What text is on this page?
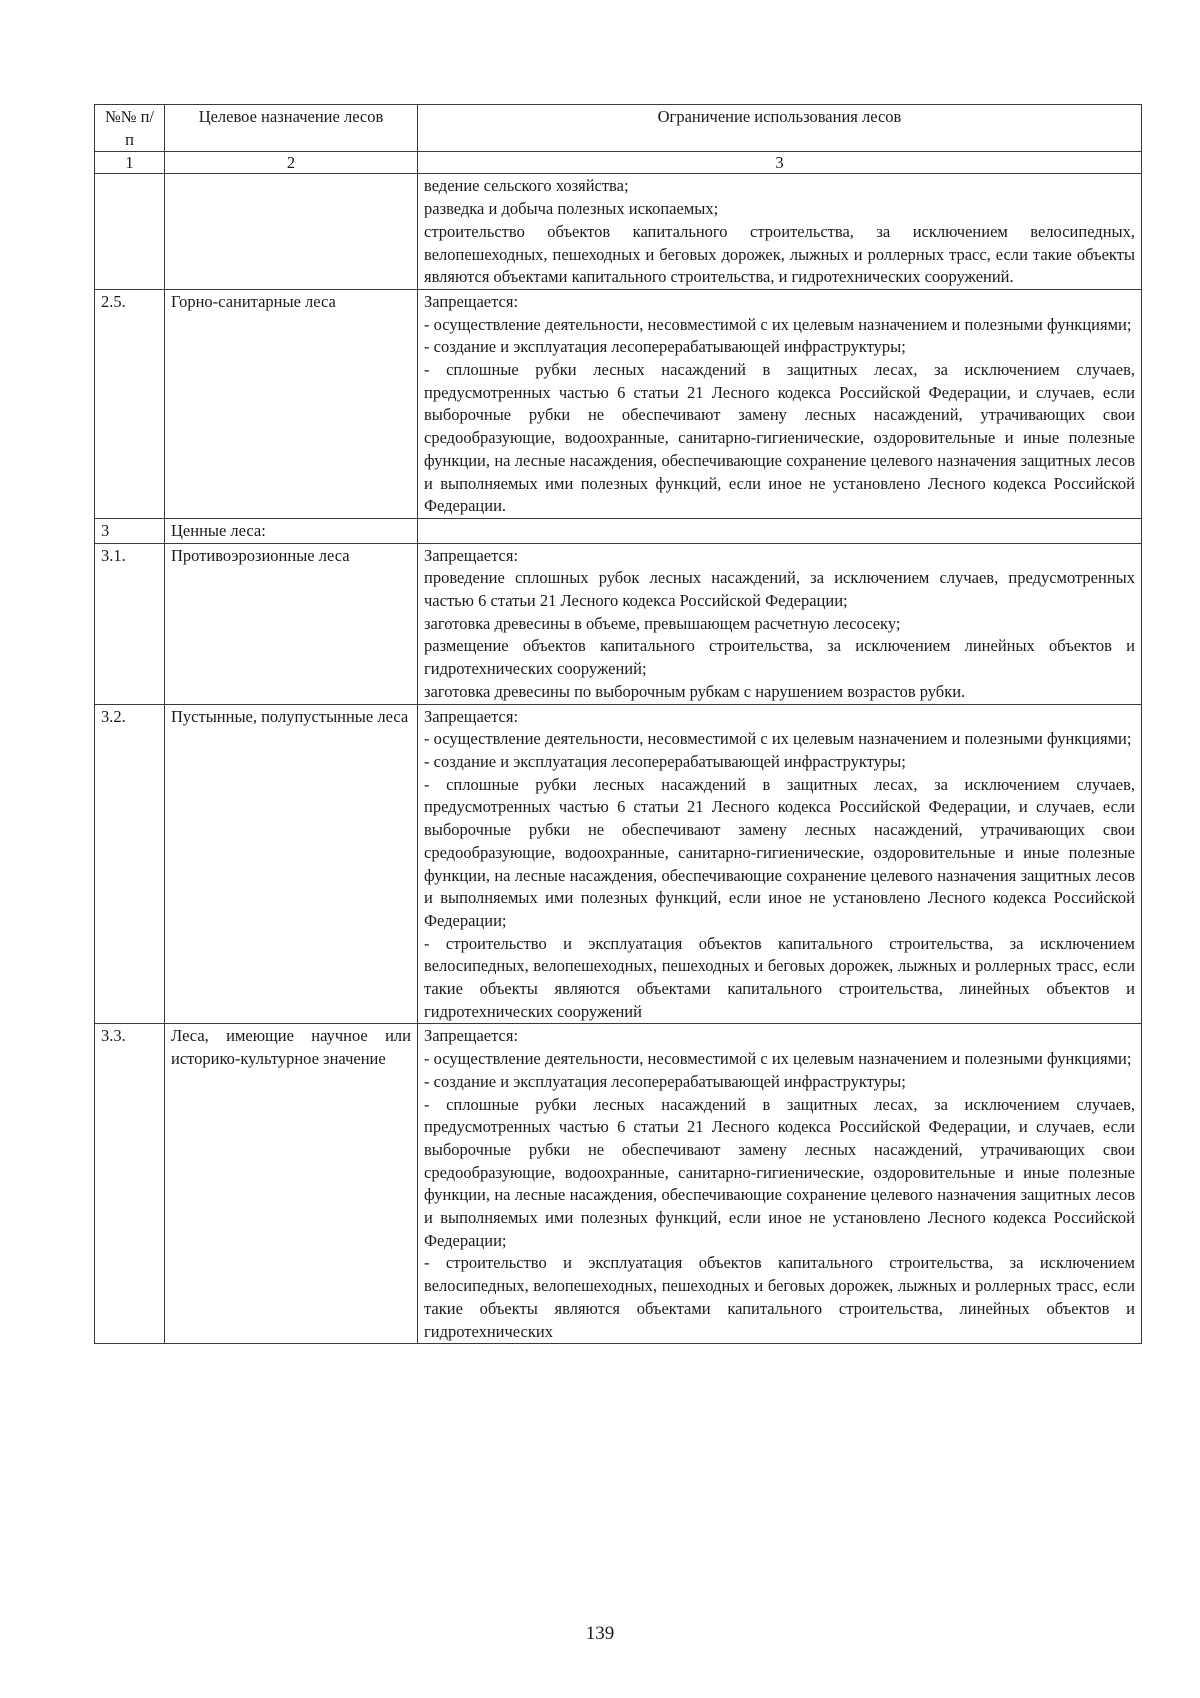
№№ п/п	Целевое назначение лесов	Ограничение использования лесов
1	2	3

		ведение сельского хозяйства;

разведка и добыча полезных ископаемых;

строительство объектов капитального строительства, за исключением велосипедных, велопешеходных, пешеходных и беговых дорожек, лыжных и роллерных трасс, если такие объекты являются объектами капитального строительства, и гидротехнических сооружений.

2.5.	Горно-санитарные леса	Запрещается:

- осуществление деятельности, несовместимой с их целевым назначением и полезными функциями;

- создание и эксплуатация лесоперерабатывающей инфраструктуры;

- сплошные рубки лесных насаждений в защитных лесах, за исключением случаев, предусмотренных частью 6 статьи 21 Лесного кодекса Российской Федерации, и случаев, если выборочные рубки не обеспечивают замену лесных насаждений, утрачивающих свои средообразующие, водоохранные, санитарно-гигиенические, оздоровительные и иные полезные функции, на лесные насаждения, обеспечивающие сохранение целевого назначения защитных лесов и выполняемых ими полезных функций, если иное не установлено Лесного кодекса Российской Федерации.

3	Ценные леса:	
3.1.	Противоэрозионные леса	Запрещается:

проведение сплошных рубок лесных насаждений, за исключением случаев, предусмотренных частью 6 статьи 21 Лесного кодекса Российской Федерации;

заготовка древесины в объеме, превышающем расчетную лесосеку;

размещение объектов капитального строительства, за исключением линейных объектов и гидротехнических сооружений;

заготовка древесины по выборочным рубкам с нарушением возрастов рубки.

3.2.	Пустынные, полупустынные леса	Запрещается:

- осуществление деятельности, несовместимой с их целевым назначением и полезными функциями;

- создание и эксплуатация лесоперерабатывающей инфраструктуры;

- сплошные рубки лесных насаждений в защитных лесах, за исключением случаев, предусмотренных частью 6 статьи 21 Лесного кодекса Российской Федерации, и случаев, если выборочные рубки не обеспечивают замену лесных насаждений, утрачивающих свои средообразующие, водоохранные, санитарно-гигиенические, оздоровительные и иные полезные функции, на лесные насаждения, обеспечивающие сохранение целевого назначения защитных лесов и выполняемых ими полезных функций, если иное не установлено Лесного кодекса Российской Федерации;

- строительство и эксплуатация объектов капитального строительства, за исключением велосипедных, велопешеходных, пешеходных и беговых дорожек, лыжных и роллерных трасс, если такие объекты являются объектами капитального строительства, линейных объектов и гидротехнических сооружений

3.3.	Леса, имеющие научное или историко-культурное значение	Запрещается:

- осуществление деятельности, несовместимой с их целевым назначением и полезными функциями;

- создание и эксплуатация лесоперерабатывающей инфраструктуры;

- сплошные рубки лесных насаждений в защитных лесах, за исключением случаев, предусмотренных частью 6 статьи 21 Лесного кодекса Российской Федерации, и случаев, если выборочные рубки не обеспечивают замену лесных насаждений, утрачивающих свои средообразующие, водоохранные, санитарно-гигиенические, оздоровительные и иные полезные функции, на лесные насаждения, обеспечивающие сохранение целевого назначения защитных лесов и выполняемых ими полезных функций, если иное не установлено Лесного кодекса Российской Федерации;

- строительство и эксплуатация объектов капитального строительства, за исключением велосипедных, велопешеходных, пешеходных и беговых дорожек, лыжных и роллерных трасс, если такие объекты являются объектами капитального строительства, линейных объектов и гидротехнических

139
